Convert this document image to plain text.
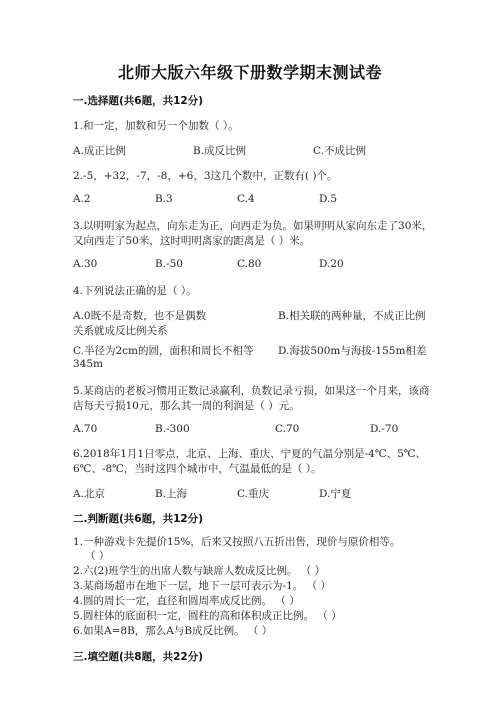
北师大版六年级下册数学期末测试卷
一.选择题(共6题，共12分)
1.和一定，加数和另一个加数（ ）。
A.成正比例	B.成反比例	C.不成比例
2.-5，+32，-7，-8，+6，3这几个数中，正数有( )个。
A.2	B.3	C.4	D.5
3.以明明家为起点，向东走为正，向西走为负。如果明明从家向东走了30米，
又向西走了50米，这时明明离家的距离是（ ）米。
A.30	B.-50	C.80	D.20
4.下列说法正确的是（ ）。
A.0既不是奇数，也不是偶数	B.相关联的两种量，不成正比例
关系就成反比例关系
C.半径为2cm的圆，面积和周长不相等 D.海拔500m与海拔-155m相差
345m
5.某商店的老板习惯用正数记录赢利，负数记录亏损，如果这一个月来，该商
店每天亏损10元，那么其一周的利润是（ ）元。
A.70	B.-300	C.70	D.-70
6.2018年1月1日零点，北京、上海、重庆、宁夏的气温分别是-4℃、5℃、
6℃、-8℃，当时这四个城市中，气温最低的是（ ）。
A.北京	B.上海	C.重庆	D.宁夏
二.判断题(共6题，共12分)
1.一种游戏卡先提价15%，后来又按照八五折出售，现价与原价相等。
（ ）
2.六(2)班学生的出席人数与缺席人数成反比例。 （ ）
3.某商场超市在地下一层，地下一层可表示为-1。 （ ）
4.圆的周长一定，直径和圆周率成反比例。 （ ）
5.圆柱体的底面积一定，圆柱的高和体积成正比例。 （ ）
6.如果A=8B，那么A与B成反比例。 （ ）
三.填空题(共8题，共22分)
